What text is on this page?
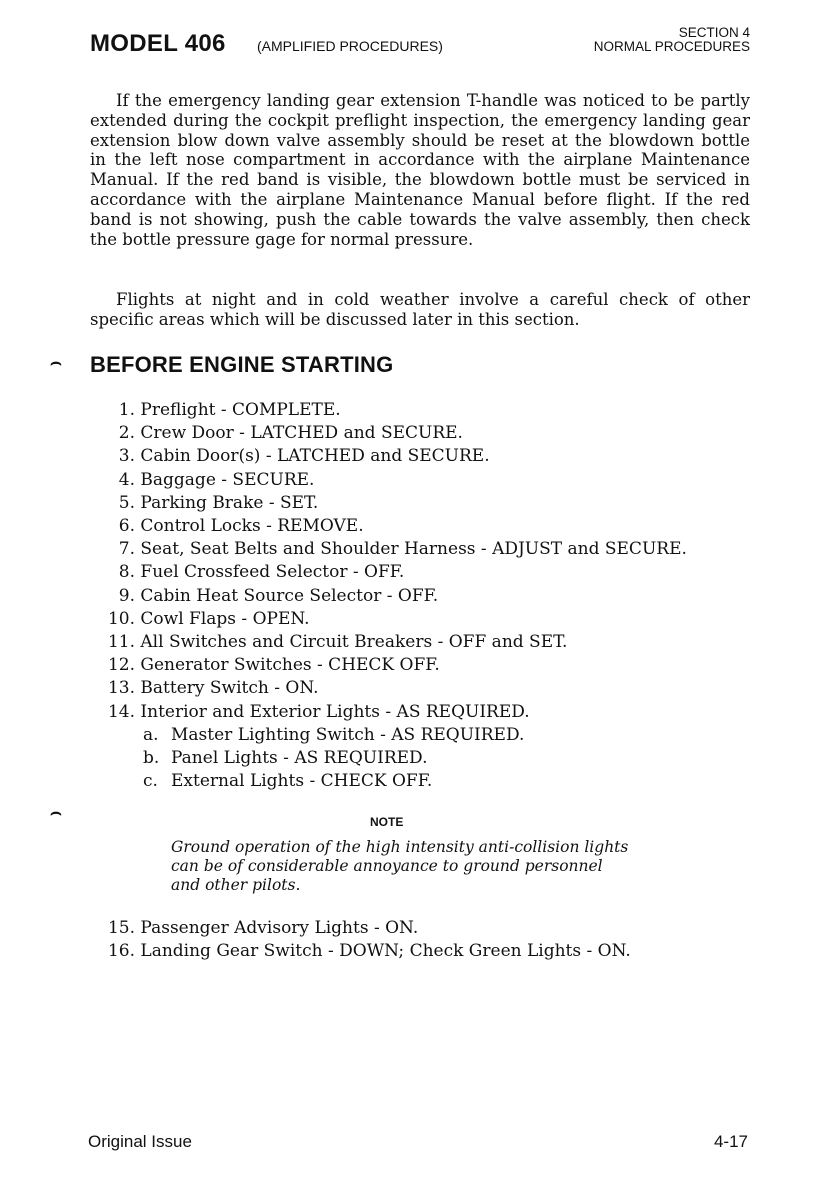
MODEL 406 (AMPLIFIED PROCEDURES)
SECTION 4
NORMAL PROCEDURES

If the emergency landing gear extension T-handle was noticed to be partly extended during the cockpit preflight inspection, the emergency landing gear extension blow down valve assembly should be reset at the blowdown bottle in the left nose compartment in accordance with the airplane Maintenance Manual. If the red band is visible, the blowdown bottle must be serviced in accordance with the airplane Maintenance Manual before flight. If the red band is not showing, push the cable towards the valve assembly, then check the bottle pressure gage for normal pressure.

Flights at night and in cold weather involve a careful check of other specific areas which will be discussed later in this section.

⌢ BEFORE ENGINE STARTING
1. Preflight - COMPLETE.
2. Crew Door - LATCHED and SECURE.
3. Cabin Door(s) - LATCHED and SECURE.
4. Baggage - SECURE.
5. Parking Brake - SET.
6. Control Locks - REMOVE.
7. Seat, Seat Belts and Shoulder Harness - ADJUST and SECURE.
8. Fuel Crossfeed Selector - OFF.
9. Cabin Heat Source Selector - OFF.
10. Cowl Flaps - OPEN.
11. All Switches and Circuit Breakers - OFF and SET.
12. Generator Switches - CHECK OFF.
13. Battery Switch - ON.
14. Interior and Exterior Lights - AS REQUIRED.
a. Master Lighting Switch - AS REQUIRED.
b. Panel Lights - AS REQUIRED.
c. External Lights - CHECK OFF.
⌢	NOTE
Ground operation of the high intensity anti-collision lights can be of considerable annoyance to ground personnel and other pilots.
15. Passenger Advisory Lights - ON.
16. Landing Gear Switch - DOWN; Check Green Lights - ON.
Original Issue	4-17
